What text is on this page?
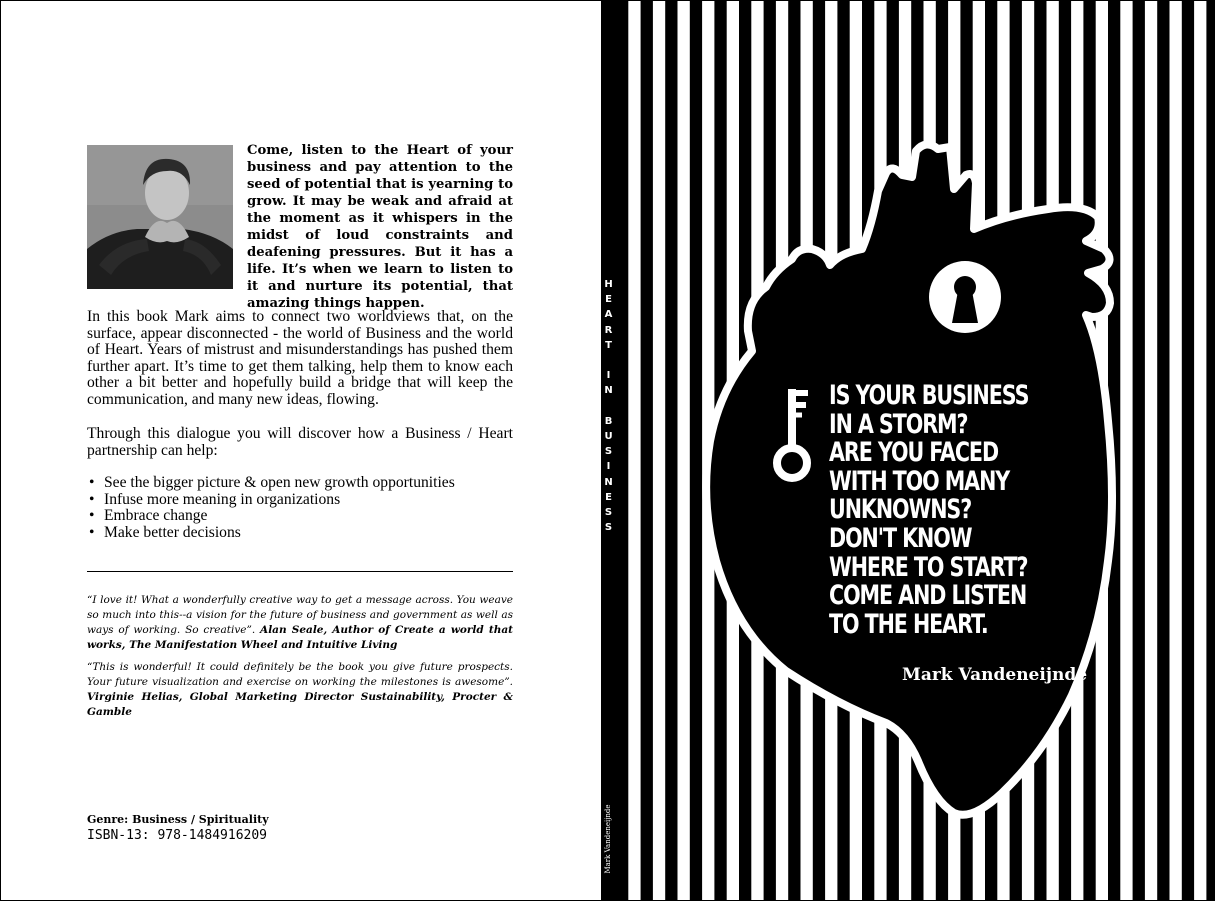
Come, listen to the Heart of your business and pay attention to the seed of potential that is yearning to grow. It may be weak and afraid at the moment as it whispers in the midst of loud constraints and deafening pressures. But it has a life. It’s when we learn to listen to it and nurture its potential, that amazing things happen.
In this book Mark aims to connect two worldviews that, on the surface, appear disconnected - the world of Business and the world of Heart. Years of mistrust and misunderstandings has pushed them further apart. It’s time to get them talking, help them to know each other a bit better and hopefully build a bridge that will keep the communication, and many new ideas, flowing.
Through this dialogue you will discover how a Business / Heart partnership can help:
• See the bigger picture & open new growth opportunities
• Infuse more meaning in organizations
• Embrace change
• Make better decisions
“I love it! What a wonderfully creative way to get a message across. You weave so much into this--a vision for the future of business and government as well as ways of working. So creative”. Alan Seale, Author of Create a world that works, The Manifestation Wheel and Intuitive Living
“This is wonderful! It could definitely be the book you give future prospects. Your future visualization and exercise on working the milestones is awesome”. Virginie Helias, Global Marketing Director Sustainability, Procter & Gamble
Genre: Business / Spirituality
ISBN-13: 978-1484916209
H
E
A
R
T

I
N

B
U
S
I
N
E
S
S
Mark Vandeneijnde
IS YOUR BUSINESS
IN A STORM?
ARE YOU FACED
WITH TOO MANY
UNKNOWNS?
DON'T KNOW
WHERE TO START?
COME AND LISTEN
TO THE HEART.
Mark Vandeneijnde
